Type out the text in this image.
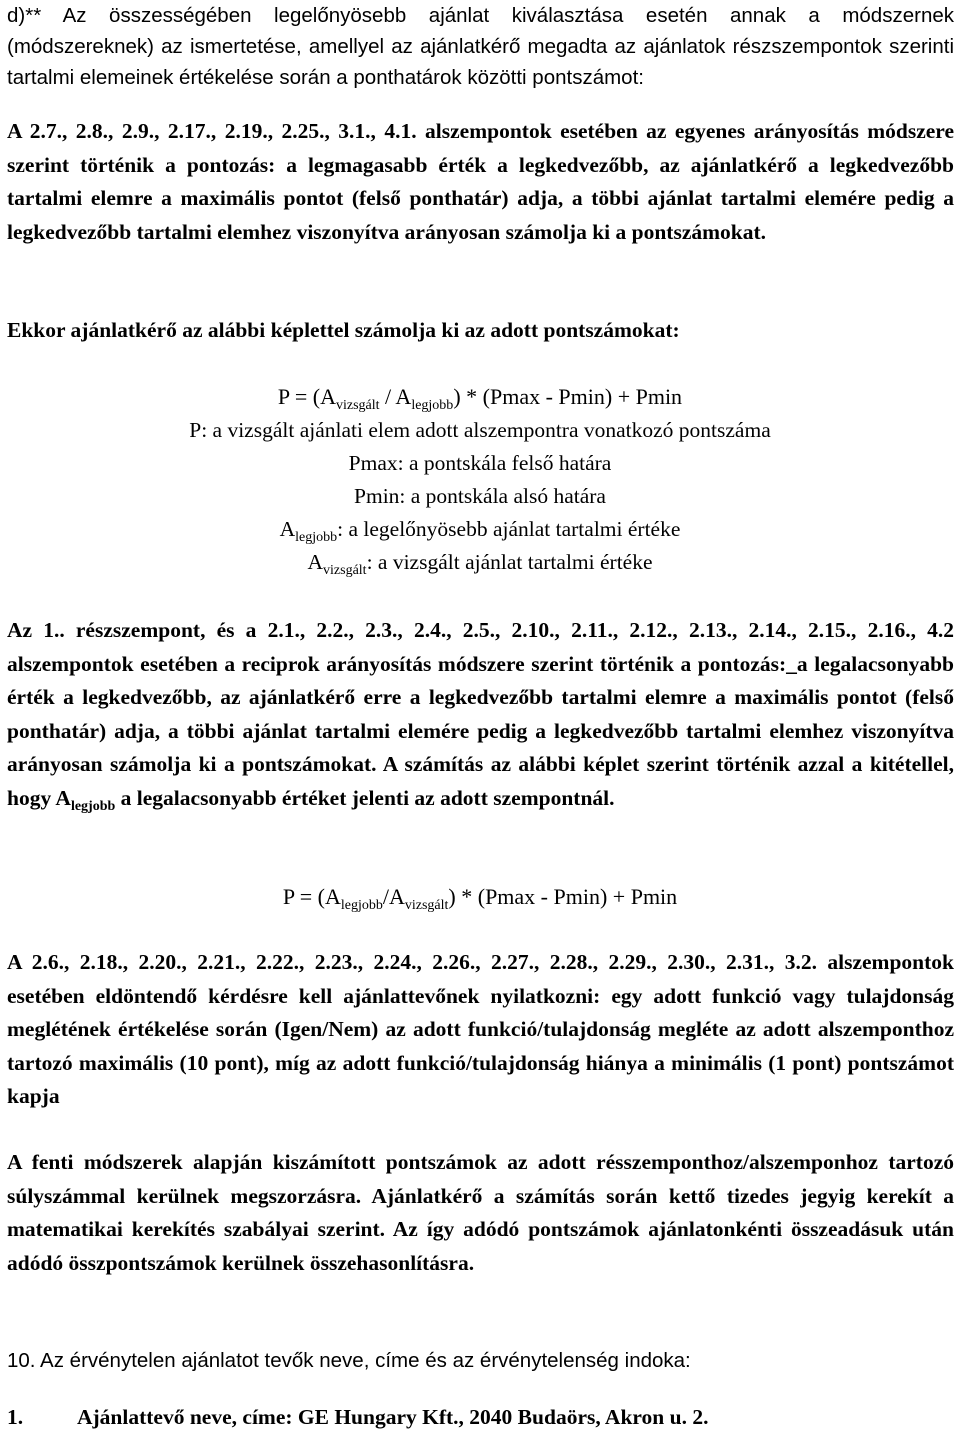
d)** Az összességében legelőnyösebb ajánlat kiválasztása esetén annak a módszernek (módszereknek) az ismertetése, amellyel az ajánlatkérő megadta az ajánlatok részszempontok szerinti tartalmi elemeinek értékelése során a ponthatárok közötti pontszámot:

A 2.7., 2.8., 2.9., 2.17., 2.19., 2.25., 3.1., 4.1. alszempontok esetében az egyenes arányosítás módszere szerint történik a pontozás: a legmagasabb érték a legkedvezőbb, az ajánlatkérő a legkedvezőbb tartalmi elemre a maximális pontot (felső ponthatár) adja, a többi ajánlat tartalmi elemére pedig a legkedvezőbb tartalmi elemhez viszonyítva arányosan számolja ki a pontszámokat.

Ekkor ajánlatkérő az alábbi képlettel számolja ki az adott pontszámokat:

$P = (A_{vizsgált} / A_{legjobb}) * (Pmax - Pmin) + Pmin$
P: a vizsgált ajánlati elem adott alszempontra vonatkozó pontszáma
Pmax: a pontskála felső határa
Pmin: a pontskála alsó határa
$A_{legjobb}$: a legelőnyösebb ajánlat tartalmi értéke
$A_{vizsgált}$: a vizsgált ajánlat tartalmi értéke

Az 1.. részszempont, és a 2.1., 2.2., 2.3., 2.4., 2.5., 2.10., 2.11., 2.12., 2.13., 2.14., 2.15., 2.16., 4.2 alszempontok esetében a reciprok arányosítás módszere szerint történik a pontozás:_a legalacsonyabb érték a legkedvezőbb, az ajánlatkérő erre a legkedvezőbb tartalmi elemre a maximális pontot (felső ponthatár) adja, a többi ajánlat tartalmi elemére pedig a legkedvezőbb tartalmi elemhez viszonyítva arányosan számolja ki a pontszámokat. A számítás az alábbi képlet szerint történik azzal a kitétellel, hogy $A_{legjobb}$ a legalacsonyabb értéket jelenti az adott szempontnál.

$P = (A_{legjobb}/A_{vizsgált}) * (Pmax - Pmin) + Pmin$

A 2.6., 2.18., 2.20., 2.21., 2.22., 2.23., 2.24., 2.26., 2.27., 2.28., 2.29., 2.30., 2.31., 3.2. alszempontok esetében eldöntendő kérdésre kell ajánlattevőnek nyilatkozni: egy adott funkció vagy tulajdonság meglétének értékelése során (Igen/Nem) az adott funkció/tulajdonság megléte az adott alszemponthoz tartozó maximális (10 pont), míg az adott funkció/tulajdonság hiánya a minimális (1 pont) pontszámot kapja

A fenti módszerek alapján kiszámított pontszámok az adott résszemponthoz/alszemponhoz tartozó súlyszámmal kerülnek megszorzásra. Ajánlatkérő a számítás során kettő tizedes jegyig kerekít a matematikai kerekítés szabályai szerint. Az így adódó pontszámok ajánlatonkénti összeadásuk után adódó összpontszámok kerülnek összehasonlításra.

10. Az érvénytelen ajánlatot tevők neve, címe és az érvénytelenség indoka:

1.	Ajánlattevő neve, címe: GE Hungary Kft., 2040 Budaörs, Akron u. 2.
